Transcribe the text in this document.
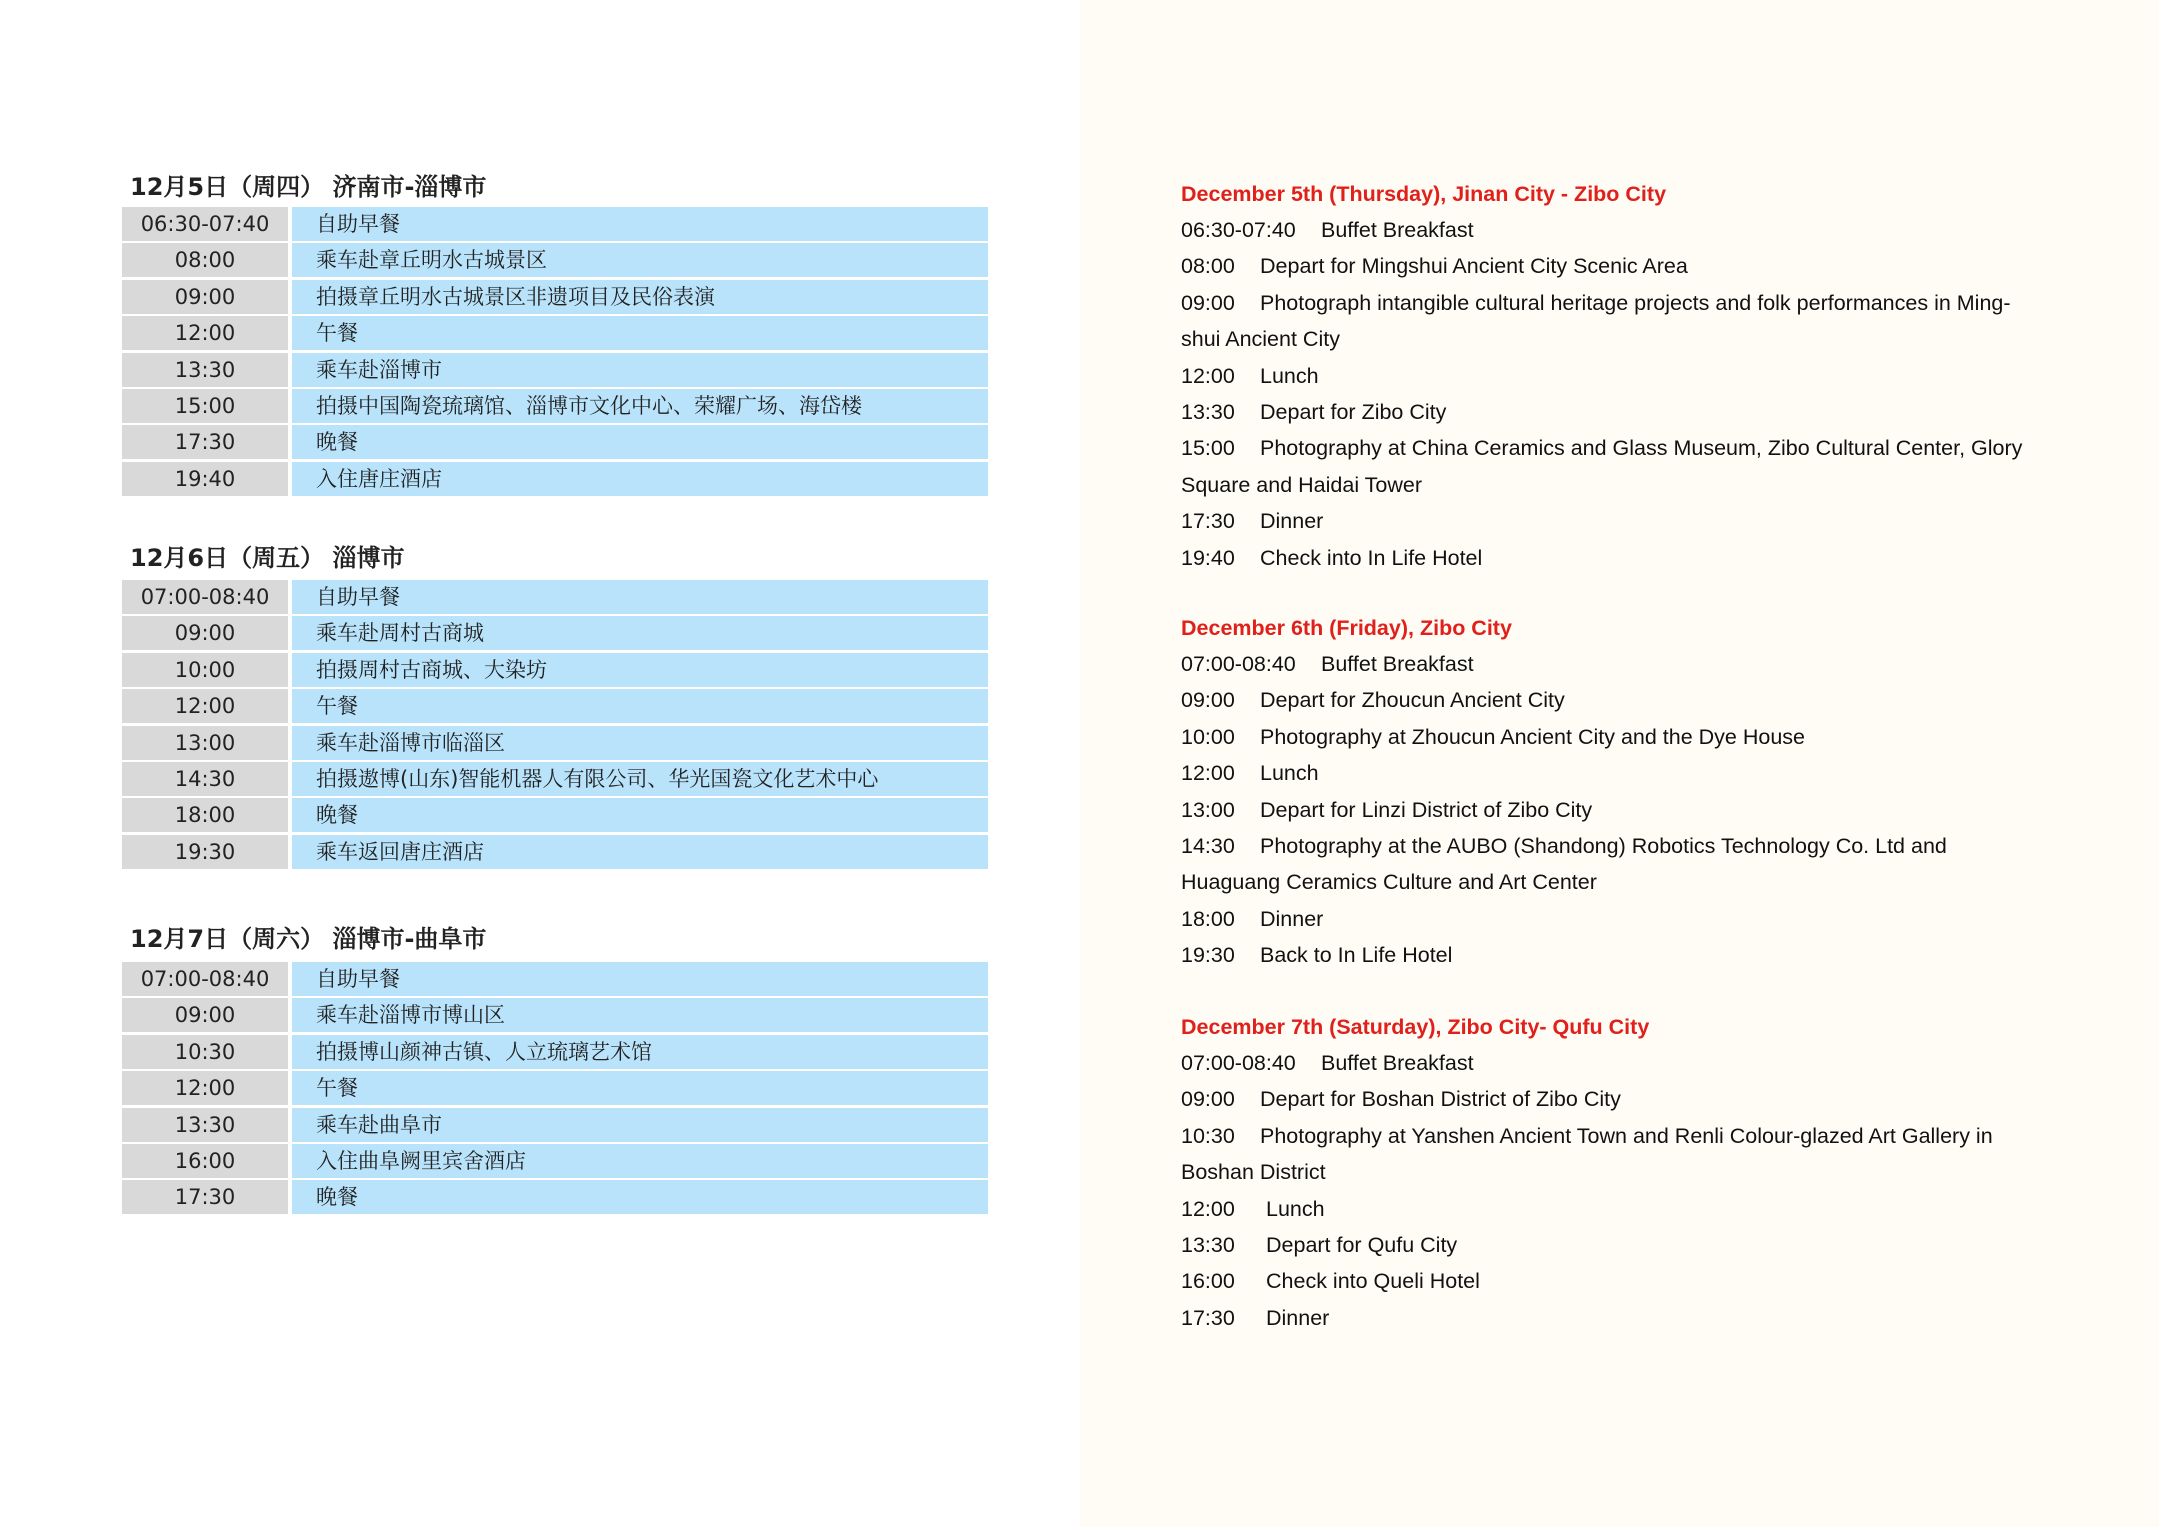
12月5日（周四） 济南市-淄博市
06:30-07:40	自助早餐
08:00	乘车赴章丘明水古城景区
09:00	拍摄章丘明水古城景区非遗项目及民俗表演
12:00	午餐
13:30	乘车赴淄博市
15:00	拍摄中国陶瓷琉璃馆、淄博市文化中心、荣耀广场、海岱楼
17:30	晚餐
19:40	入住唐庄酒店
12月6日（周五） 淄博市
07:00-08:40	自助早餐
09:00	乘车赴周村古商城
10:00	拍摄周村古商城、大染坊
12:00	午餐
13:00	乘车赴淄博市临淄区
14:30	拍摄遨博(山东)智能机器人有限公司、华光国瓷文化艺术中心
18:00	晚餐
19:30	乘车返回唐庄酒店
12月7日（周六） 淄博市-曲阜市
07:00-08:40	自助早餐
09:00	乘车赴淄博市博山区
10:30	拍摄博山颜神古镇、人立琉璃艺术馆
12:00	午餐
13:30	乘车赴曲阜市
16:00	入住曲阜阙里宾舍酒店
17:30	晚餐
December 5th (Thursday), Jinan City - Zibo City
06:30-07:40 Buffet Breakfast
08:00 Depart for Mingshui Ancient City Scenic Area
09:00 Photograph intangible cultural heritage projects and folk performances in Ming-
shui Ancient City
12:00 Lunch
13:30 Depart for Zibo City
15:00 Photography at China Ceramics and Glass Museum, Zibo Cultural Center, Glory
Square and Haidai Tower
17:30 Dinner
19:40 Check into In Life Hotel
December 6th (Friday), Zibo City
07:00-08:40 Buffet Breakfast
09:00 Depart for Zhoucun Ancient City
10:00 Photography at Zhoucun Ancient City and the Dye House
12:00 Lunch
13:00 Depart for Linzi District of Zibo City
14:30 Photography at the AUBO (Shandong) Robotics Technology Co. Ltd and
Huaguang Ceramics Culture and Art Center
18:00 Dinner
19:30 Back to In Life Hotel
December 7th (Saturday), Zibo City- Qufu City
07:00-08:40 Buffet Breakfast
09:00 Depart for Boshan District of Zibo City
10:30 Photography at Yanshen Ancient Town and Renli Colour-glazed Art Gallery in
Boshan District
12:00 Lunch
13:30 Depart for Qufu City
16:00 Check into Queli Hotel
17:30 Dinner
